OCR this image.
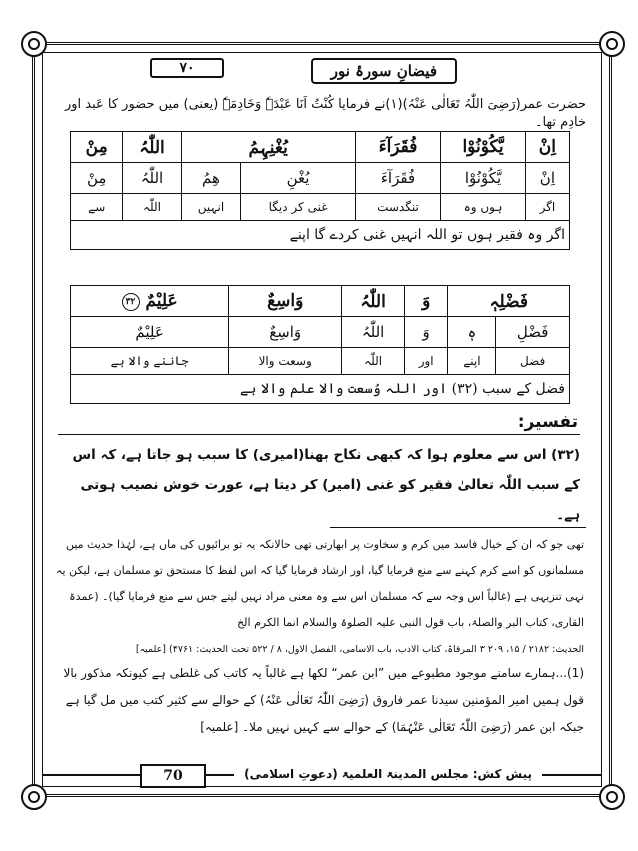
فیضانِ سورۂ نور
۷۰
حضرت عمر(رَضِیَ اللّٰہُ تَعَالٰی عَنْہُ)(۱)نے فرمایا کُنْتُ اَنَا عَبْدَہٗ وَخَادِمَہٗ (یعنی) میں حضور کا عَبد اور خادِم تھا۔
اِنْ	یَّکُوْنُوْا	فُقَرَآءَ	یُغْنِہِمُ		اللّٰہُ	مِنْ
اِنْ	یَّکُوْنُوْا	فُقَرَآءَ	یُغْنِ	ھِمُ	اللّٰہُ	مِنْ
اگر	ہوں وہ	تنگدست	غنی کر دیگا	انہیں	اللّٰہ	سے
اگر وہ فقیر ہوں تو اللہ انہیں غنی کردے گا اپنے						
فَضْلِہٖ		وَ	اللّٰہُ	وَاسِعٌ	عَلِیْمٌ ۳۲
فَضْلِ	ہٖ	وَ	اللّٰہُ	وَاسِعٌ	عَلِیْمٌ
فضل	اپنے	اور	اللّٰہ	وسعت والا	جاننے والا ہے
فضل کے سبب (۳۲) اور اللہ وُسعت والا علم والا ہے					
تفسیر:
(۳۲) اس سے معلوم ہوا کہ کبھی نکاح بھنا(امیری) کا سبب ہو جاتا ہے، کہ اس کے سبب اللّٰہ تعالیٰ فقیر کو غنی (امیر) کر دیتا ہے، عورت خوش نصیب ہوتی ہے۔
تھی جو کہ ان کے خیال فاسد میں کرم و سخاوت پر ابھارتی تھی حالانکہ یہ تو برائیوں کی ماں ہے، لہٰذا حدیث میں مسلمانوں کو اسے کرم کہنے سے منع فرمایا گیا، اور ارشاد فرمایا گیا کہ اس لفظ کا مستحق تو مسلمان ہے، لیکن یہ نہی تنزیہی ہے (غالباً اس وجہ سے کہ مسلمان اس سے وہ معنی مراد نہیں لیتے جس سے منع فرمایا گیا)۔ (عمدۃ القاری، کتاب البر والصلۃ، باب قول النبی علیہ الصلوۃ والسلام انما الکرم الخ
الحدیث: ۲۱۸۲ / ۱۵، ۲۰۹ ۳ المرقاۃ، کتاب الادب، باب الاسامی، الفصل الاول، ۸ / ۵۲۲ تحت الحدیث: ۴۷۶۱) [علمیہ]
(1)...ہمارے سامنے موجود مطبوعے میں ”ابن عمر“ لکھا ہے غالباً یہ کاتب کی غلطی ہے کیونکہ مذکور بالا قول ہمیں امیر المؤمنین سیدنا عمر فاروق (رَضِیَ اللّٰہُ تَعَالٰی عَنْہُ) کے حوالے سے کثیر کتب میں مل گیا ہے جبکہ ابن عمر (رَضِیَ اللّٰہُ تَعَالٰی عَنْہُمَا) کے حوالے سے کہیں نہیں ملا۔ [علمیہ]
70	پیش کش: مجلس المدینۃ العلمیۃ (دعوتِ اسلامی)
